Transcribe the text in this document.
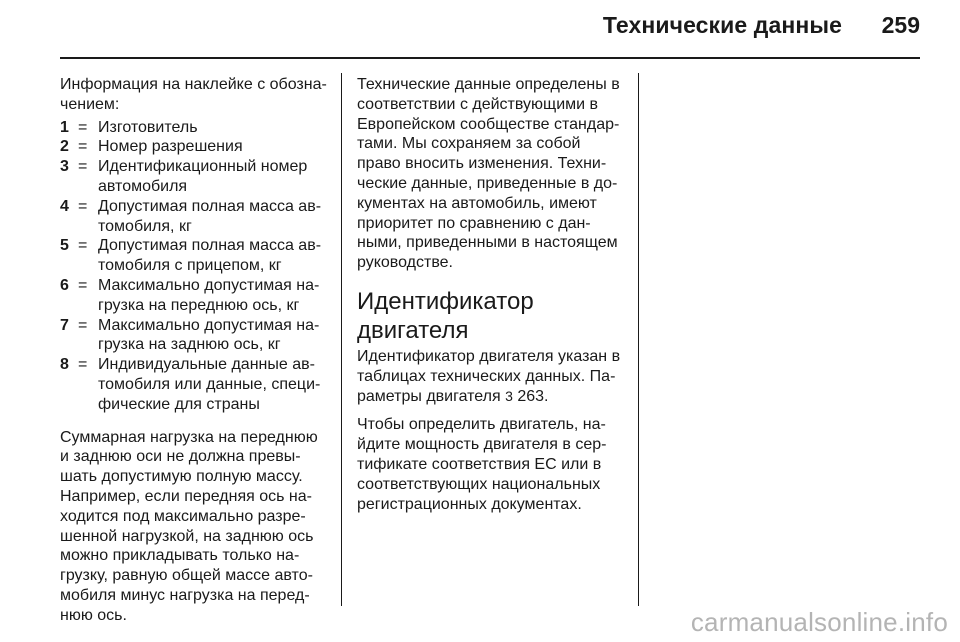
Технические данные 259

Информация на наклейке с обозначением:

1 = Изготовитель
2 = Номер разрешения
3 = Идентификационный номер автомобиля
4 = Допустимая полная масса автомобиля, кг
5 = Допустимая полная масса автомобиля с прицепом, кг
6 = Максимально допустимая нагрузка на переднюю ось, кг
7 = Максимально допустимая нагрузка на заднюю ось, кг
8 = Индивидуальные данные автомобиля или данные, специфические для страны

Суммарная нагрузка на переднюю и заднюю оси не должна превышать допустимую полную массу. Например, если передняя ось находится под максимально разрешенной нагрузкой, на заднюю ось можно прикладывать только нагрузку, равную общей массе автомобиля минус нагрузка на переднюю ось.

Технические данные определены в соответствии с действующими в Европейском сообществе стандартами. Мы сохраняем за собой право вносить изменения. Технические данные, приведенные в документах на автомобиль, имеют приоритет по сравнению с данными, приведенными в настоящем руководстве.

Идентификатор двигателя

Идентификатор двигателя указан в таблицах технических данных. Параметры двигателя 3 263.

Чтобы определить двигатель, найдите мощность двигателя в сертификате соответствия ЕС или в соответствующих национальных регистрационных документах.

carmanualsonline.info
